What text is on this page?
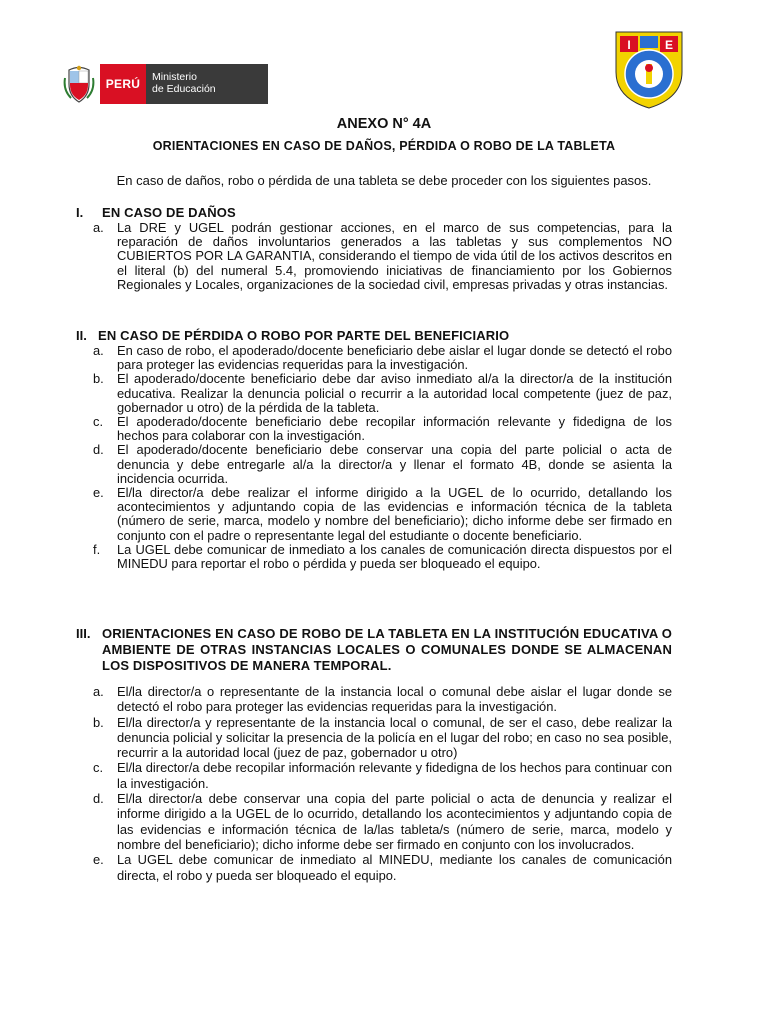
PERÚ	Ministerio
de Educación
I	E
ANEXO N° 4A
ORIENTACIONES EN CASO DE DAÑOS, PÉRDIDA O ROBO DE LA TABLETA
En caso de daños, robo o pérdida de una tableta se debe proceder con los siguientes pasos.
I.	EN CASO DE DAÑOS
a.	La DRE y UGEL podrán gestionar acciones, en el marco de sus competencias, para la reparación de daños involuntarios generados a las tabletas y sus complementos NO CUBIERTOS POR LA GARANTIA, considerando el tiempo de vida útil de los activos descritos en el literal (b) del numeral 5.4, promoviendo iniciativas de financiamiento por los Gobiernos Regionales y Locales, organizaciones de la sociedad civil, empresas privadas y otras instancias.
II. EN CASO DE PÉRDIDA O ROBO POR PARTE DEL BENEFICIARIO
a.	En caso de robo, el apoderado/docente beneficiario debe aislar el lugar donde se detectó el robo para proteger las evidencias requeridas para la investigación.
b.	El apoderado/docente beneficiario debe dar aviso inmediato al/a la director/a de la institución educativa. Realizar la denuncia policial o recurrir a la autoridad local competente (juez de paz, gobernador u otro) de la pérdida de la tableta.
c.	El apoderado/docente beneficiario debe recopilar información relevante y fidedigna de los hechos para colaborar con la investigación.
d.	El apoderado/docente beneficiario debe conservar una copia del parte policial o acta de denuncia y debe entregarle al/a la director/a y llenar el formato 4B, donde se asienta la incidencia ocurrida.
e.	El/la director/a debe realizar el informe dirigido a la UGEL de lo ocurrido, detallando los acontecimientos y adjuntando copia de las evidencias e información técnica de la tableta (número de serie, marca, modelo y nombre del beneficiario); dicho informe debe ser firmado en conjunto con el padre o representante legal del estudiante o docente beneficiario.
f.	La UGEL debe comunicar de inmediato a los canales de comunicación directa dispuestos por el MINEDU para reportar el robo o pérdida y pueda ser bloqueado el equipo.
III. ORIENTACIONES EN CASO DE ROBO DE LA TABLETA EN LA INSTITUCIÓN EDUCATIVA O AMBIENTE DE OTRAS INSTANCIAS LOCALES O COMUNALES DONDE SE ALMACENAN LOS DISPOSITIVOS DE MANERA TEMPORAL.
a.	El/la director/a o representante de la instancia local o comunal debe aislar el lugar donde se detectó el robo para proteger las evidencias requeridas para la investigación.
b.	El/la director/a y representante de la instancia local o comunal, de ser el caso, debe realizar la denuncia policial y solicitar la presencia de la policía en el lugar del robo; en caso no sea posible, recurrir a la autoridad local (juez de paz, gobernador u otro)
c.	El/la director/a debe recopilar información relevante y fidedigna de los hechos para continuar con la investigación.
d.	El/la director/a debe conservar una copia del parte policial o acta de denuncia y realizar el informe dirigido a la UGEL de lo ocurrido, detallando los acontecimientos y adjuntando copia de las evidencias e información técnica de la/las tableta/s (número de serie, marca, modelo y nombre del beneficiario); dicho informe debe ser firmado en conjunto con los involucrados.
e.	La UGEL debe comunicar de inmediato al MINEDU, mediante los canales de comunicación directa, el robo y pueda ser bloqueado el equipo.
